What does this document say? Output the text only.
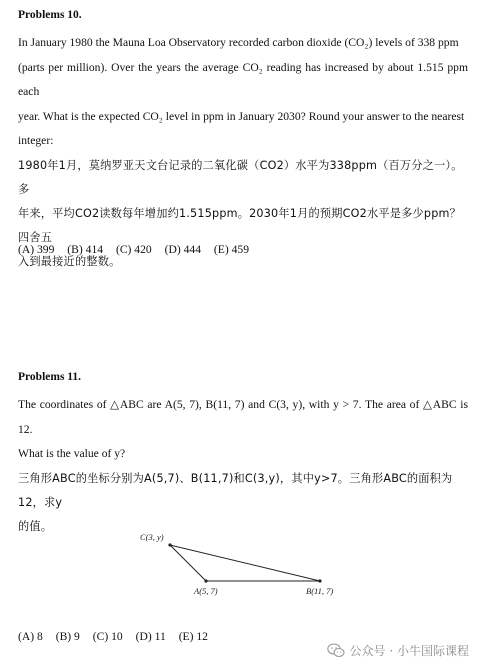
Problems 10.

In January 1980 the Mauna Loa Observatory recorded carbon dioxide (CO₂) levels of 338 ppm

(parts per million). Over the years the average CO₂ reading has increased by about 1.515 ppm each

year. What is the expected CO₂ level in ppm in January 2030? Round your answer to the nearest

integer:

1980年1月，莫纳罗亚天文台记录的二氧化碳（CO2）水平为338ppm（百万分之一）。多

年来，平均CO2读数每年增加约1.515ppm。2030年1月的预期CO2水平是多少ppm？四舍五

入到最接近的整数。

(A) 399 (B) 414 (C) 420 (D) 444 (E) 459
Problems 11.

The coordinates of △ABC are A(5, 7), B(11, 7) and C(3, y), with y > 7. The area of △ABC is 12.

What is the value of y?

三角形ABC的坐标分别为A(5,7)、B(11,7)和C(3,y)，其中y>7。三角形ABC的面积为12，求y

的值。

C(3, y)
A(5, 7)	B(11, 7)
(A) 8 (B) 9 (C) 10 (D) 11 (E) 12
公众号 · 小牛国际课程
